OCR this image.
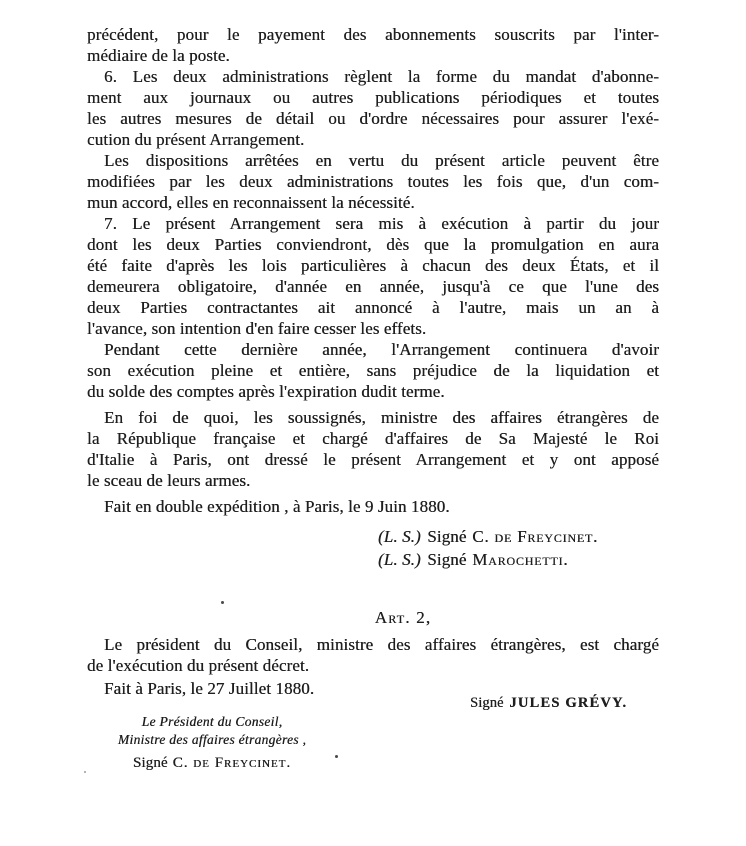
précédent, pour le payement des abonnements souscrits par l'inter-
médiaire de la poste.
6. Les deux administrations règlent la forme du mandat d'abonne-
ment aux journaux ou autres publications périodiques et toutes
les autres mesures de détail ou d'ordre nécessaires pour assurer l'exé-
cution du présent Arrangement.
Les dispositions arrêtées en vertu du présent article peuvent être
modifiées par les deux administrations toutes les fois que, d'un com-
mun accord, elles en reconnaissent la nécessité.
7. Le présent Arrangement sera mis à exécution à partir du jour
dont les deux Parties conviendront, dès que la promulgation en aura
été faite d'après les lois particulières à chacun des deux États, et il
demeurera obligatoire, d'année en année, jusqu'à ce que l'une des
deux Parties contractantes ait annoncé à l'autre, mais un an à
l'avance, son intention d'en faire cesser les effets.
Pendant cette dernière année, l'Arrangement continuera d'avoir
son exécution pleine et entière, sans préjudice de la liquidation et
du solde des comptes après l'expiration dudit terme.
En foi de quoi, les soussignés, ministre des affaires étrangères de
la République française et chargé d'affaires de Sa Majesté le Roi
d'Italie à Paris, ont dressé le présent Arrangement et y ont apposé
le sceau de leurs armes.
Fait en double expédition , à Paris, le 9 Juin 1880.
(L. S.) Signé C. de Freycinet.
(L. S.) Signé Marochetti.
Art. 2,
Le président du Conseil, ministre des affaires étrangères, est chargé
de l'exécution du présent décret.
Fait à Paris, le 27 Juillet 1880.
Signé JULES GRÉVY.
Le Président du Conseil,
Ministre des affaires étrangères ,
Signé C. de Freycinet.
